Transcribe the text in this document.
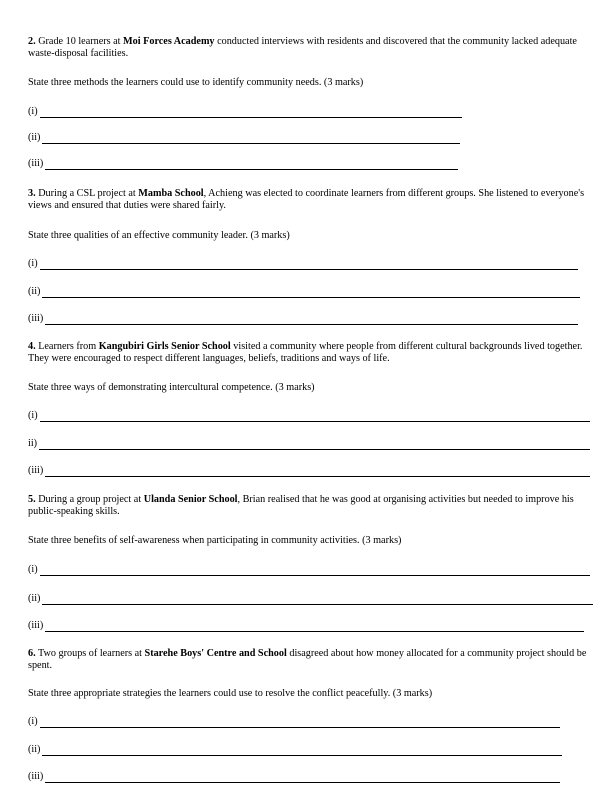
2. Grade 10 learners at Moi Forces Academy conducted interviews with residents and discovered that the community lacked adequate waste-disposal facilities.

State three methods the learners could use to identify community needs. (3 marks)

(i)
(ii)
(iii)

3. During a CSL project at Mamba School, Achieng was elected to coordinate learners from different groups. She listened to everyone's views and ensured that duties were shared fairly.

State three qualities of an effective community leader. (3 marks)

(i)
(ii)
(iii)

4. Learners from Kangubiri Girls Senior School visited a community where people from different cultural backgrounds lived together. They were encouraged to respect different languages, beliefs, traditions and ways of life.

State three ways of demonstrating intercultural competence. (3 marks)

(i)
ii)
(iii)

5. During a group project at Ulanda Senior School, Brian realised that he was good at organising activities but needed to improve his public-speaking skills.

State three benefits of self-awareness when participating in community activities. (3 marks)

(i)
(ii)
(iii)

6. Two groups of learners at Starehe Boys' Centre and School disagreed about how money allocated for a community project should be spent.

State three appropriate strategies the learners could use to resolve the conflict peacefully. (3 marks)

(i)
(ii)
(iii)
